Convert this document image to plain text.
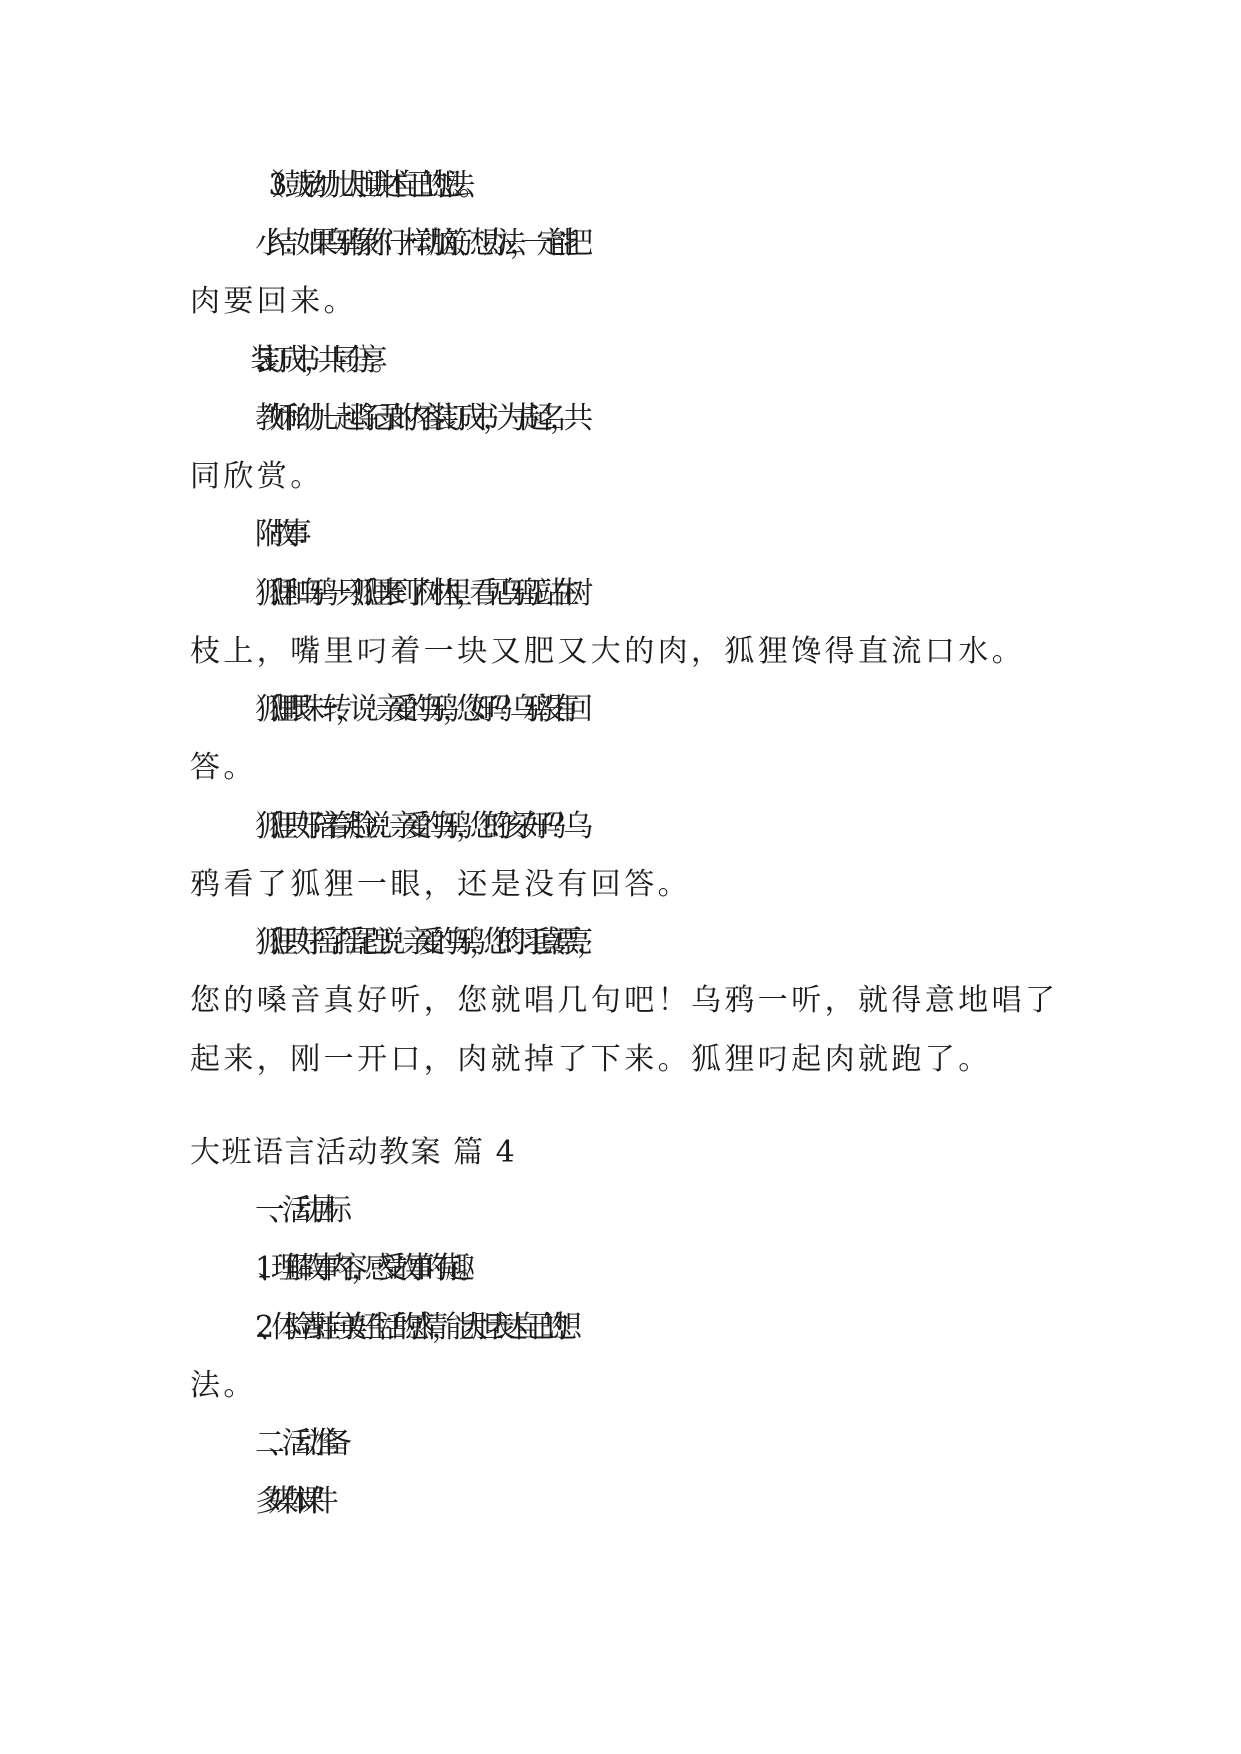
（3）鼓励幼儿大胆讲述自己的想法。

小结：如果乌鸦像你们一样动脑筋、想办法，一定能把

肉要回来。

5.装订成书，共同分享。

教师和幼儿一起将记录的内容装订成书，为书起名，共

同欣赏。

附故事：

狐狸和乌鸦一只狐狸来到了树林里，看见乌鸦正站在树

枝上，嘴里叼着一块又肥又大的肉，狐狸馋得直流口水。

狐狸眼珠一转，说：亲爱的乌鸦，您好吗？乌鸦没有回

答。

狐狸只好陪着笑脸说：亲爱的乌鸦，您的孩子好吗？乌

鸦看了狐狸一眼，还是没有回答。

狐狸只好摇了摇尾巴说：亲爱的乌鸦，您的羽毛真漂亮，

您的嗓音真好听，您就唱几句吧！乌鸦一听，就得意地唱了

起来，刚一开口，肉就掉了下来。狐狸叼起肉就跑了。

大班语言活动教案 篇 4

一、活动目标

1、理解故事内容，感受故事的有趣。

2、体验青蛙向美好生活的感情，能大胆表达自己的想

法。

二、活动准备

多媒体课件
